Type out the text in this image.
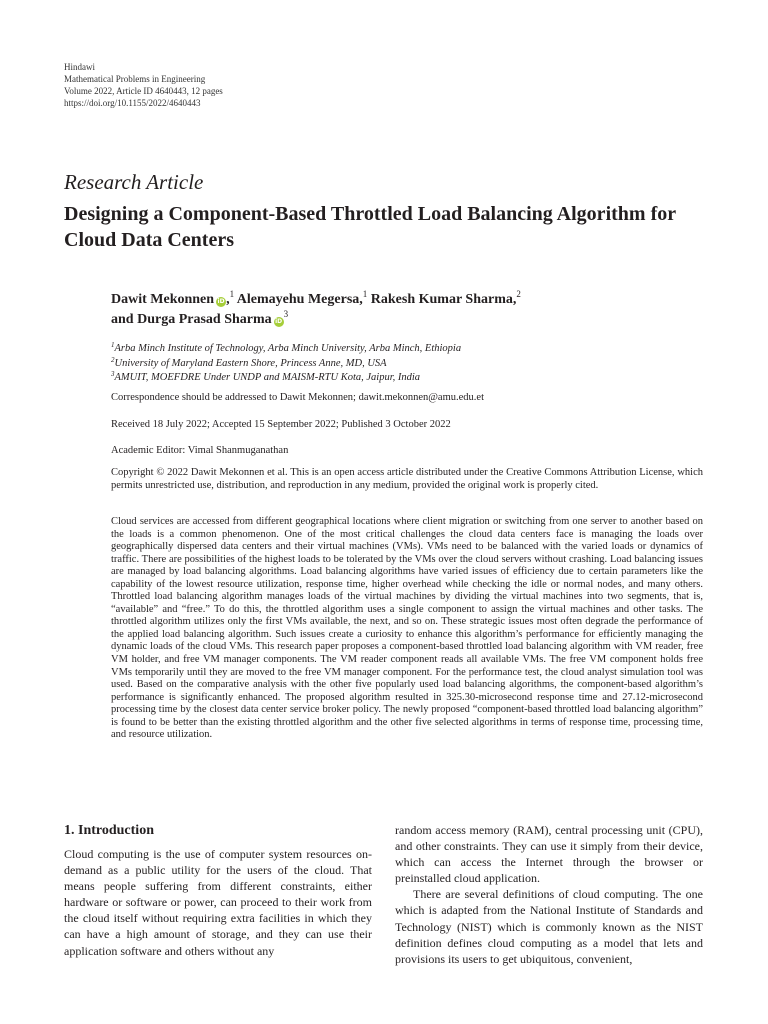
Hindawi
Mathematical Problems in Engineering
Volume 2022, Article ID 4640443, 12 pages
https://doi.org/10.1155/2022/4640443
Research Article
Designing a Component-Based Throttled Load Balancing Algorithm for Cloud Data Centers
Dawit Mekonnen iD,$^1$ Alemayehu Megersa,$^1$ Rakesh Kumar Sharma,$^2$
and Durga Prasad Sharma $iD^3$
$^1$Arba Minch Institute of Technology, Arba Minch University, Arba Minch, Ethiopia
$^2$University of Maryland Eastern Shore, Princess Anne, MD, USA
$^3$AMUIT, MOEFDRE Under UNDP and MAISM-RTU Kota, Jaipur, India
Correspondence should be addressed to Dawit Mekonnen; dawit.mekonnen@amu.edu.et
Received 18 July 2022; Accepted 15 September 2022; Published 3 October 2022
Academic Editor: Vimal Shanmuganathan
Copyright © 2022 Dawit Mekonnen et al. This is an open access article distributed under the Creative Commons Attribution License, which permits unrestricted use, distribution, and reproduction in any medium, provided the original work is properly cited.
Cloud services are accessed from different geographical locations where client migration or switching from one server to another based on the loads is a common phenomenon. One of the most critical challenges the cloud data centers face is managing the loads over geographically dispersed data centers and their virtual machines (VMs). VMs need to be balanced with the varied loads or dynamics of traffic. There are possibilities of the highest loads to be tolerated by the VMs over the cloud servers without crashing. Load balancing issues are managed by load balancing algorithms. Load balancing algorithms have varied issues of efficiency due to certain parameters like the capability of the lowest resource utilization, response time, higher overhead while checking the idle or normal nodes, and many others. Throttled load balancing algorithm manages loads of the virtual machines by dividing the virtual machines into two segments, that is, “available” and “free.” To do this, the throttled algorithm uses a single component to assign the virtual machines and other tasks. The throttled algorithm utilizes only the first VMs available, the next, and so on. These strategic issues most often degrade the performance of the applied load balancing algorithm. Such issues create a curiosity to enhance this algorithm’s performance for efficiently managing the dynamic loads of the cloud VMs. This research paper proposes a component-based throttled load balancing algorithm with VM reader, free VM holder, and free VM manager components. The VM reader component reads all available VMs. The free VM component holds free VMs temporarily until they are moved to the free VM manager component. For the performance test, the cloud analyst simulation tool was used. Based on the comparative analysis with the other five popularly used load balancing algorithms, the component-based algorithm’s performance is significantly enhanced. The proposed algorithm resulted in 325.30-microsecond response time and 27.12-microsecond processing time by the closest data center service broker policy. The newly proposed “component-based throttled load balancing algorithm” is found to be better than the existing throttled algorithm and the other five selected algorithms in terms of response time, processing time, and resource utilization.
1. Introduction

Cloud computing is the use of computer system resources on-demand as a public utility for the users of the cloud. That means people suffering from different constraints, either hardware or software or power, can proceed to their work from the cloud itself without requiring extra facilities in which they can have a high amount of storage, and they can use their application software and others without any

random access memory (RAM), central processing unit (CPU), and other constraints. They can use it simply from their device, which can access the Internet through the browser or preinstalled cloud application.

There are several definitions of cloud computing. The one which is adapted from the National Institute of Standards and Technology (NIST) which is commonly known as the NIST definition defines cloud computing as a model that lets and provisions its users to get ubiquitous, convenient,
